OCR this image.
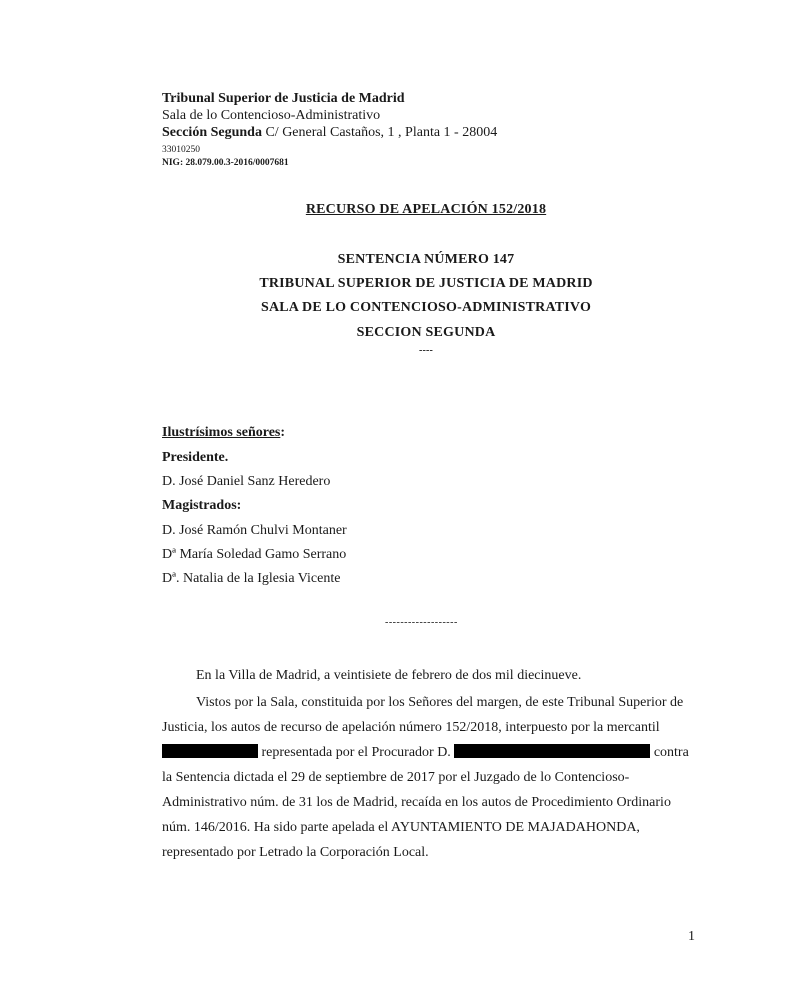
Tribunal Superior de Justicia de Madrid
Sala de lo Contencioso-Administrativo
Sección Segunda C/ General Castaños, 1 , Planta 1 - 28004
33010250
NIG: 28.079.00.3-2016/0007681
RECURSO DE APELACIÓN 152/2018
SENTENCIA NÚMERO 147
TRIBUNAL SUPERIOR DE JUSTICIA DE MADRID
SALA DE LO CONTENCIOSO-ADMINISTRATIVO
SECCION SEGUNDA
----
Ilustrísimos señores:
Presidente.
D. José Daniel Sanz Heredero
Magistrados:
D. José Ramón Chulvi Montaner
Dª María Soledad Gamo Serrano
Dª. Natalia de la Iglesia Vicente
-------------------
En la Villa de Madrid, a veintisiete de febrero de dos mil diecinueve.
Vistos por la Sala, constituida por los Señores del margen, de este Tribunal Superior de
Justicia, los autos de recurso de apelación número 152/2018, interpuesto por la mercantil
representada por el Procurador D.	contra
la Sentencia dictada el 29 de septiembre de 2017 por el Juzgado de lo Contencioso-
Administrativo núm. de 31 los de Madrid, recaída en los autos de Procedimiento Ordinario
núm. 146/2016. Ha sido parte apelada el AYUNTAMIENTO DE MAJADAHONDA,
representado por Letrado la Corporación Local.
1
